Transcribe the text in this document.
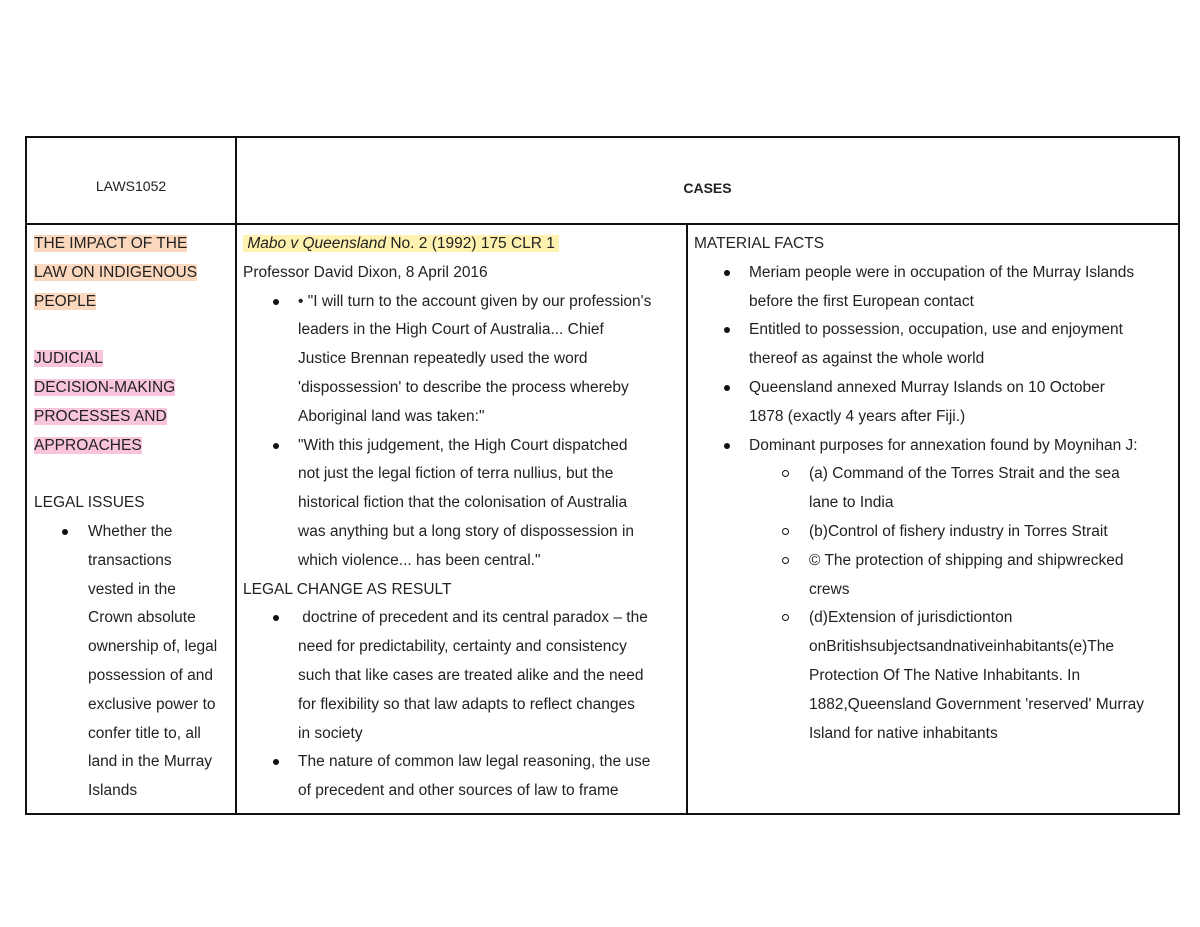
LAWS1052	CASES
THE IMPACT OF THE
LAW ON INDIGENOUS
PEOPLE
JUDICIAL
DECISION-MAKING
PROCESSES AND
APPROACHES
LEGAL ISSUES
Whether the
transactions
vested in the
Crown absolute
ownership of, legal
possession of and
exclusive power to
confer title to, all
land in the Murray
Islands
Mabo v Queensland No. 2 (1992) 175 CLR 1
Professor David Dixon, 8 April 2016
• "I will turn to the account given by our profession's
leaders in the High Court of Australia... Chief
Justice Brennan repeatedly used the word
'dispossession' to describe the process whereby
Aboriginal land was taken:"
"With this judgement, the High Court dispatched
not just the legal fiction of terra nullius, but the
historical fiction that the colonisation of Australia
was anything but a long story of dispossession in
which violence... has been central."
LEGAL CHANGE AS RESULT
doctrine of precedent and its central paradox – the
need for predictability, certainty and consistency
such that like cases are treated alike and the need
for flexibility so that law adapts to reflect changes
in society
The nature of common law legal reasoning, the use
of precedent and other sources of law to frame
MATERIAL FACTS
Meriam people were in occupation of the Murray Islands
before the first European contact
Entitled to possession, occupation, use and enjoyment
thereof as against the whole world
Queensland annexed Murray Islands on 10 October
1878 (exactly 4 years after Fiji.)
Dominant purposes for annexation found by Moynihan J:
(a) Command of the Torres Strait and the sea
lane to India
(b)Control of fishery industry in Torres Strait
© The protection of shipping and shipwrecked
crews
(d)Extension of jurisdictionton
onBritishsubjectsandnativeinhabitants(e)The
Protection Of The Native Inhabitants. In
1882,Queensland Government 'reserved' Murray
Island for native inhabitants
